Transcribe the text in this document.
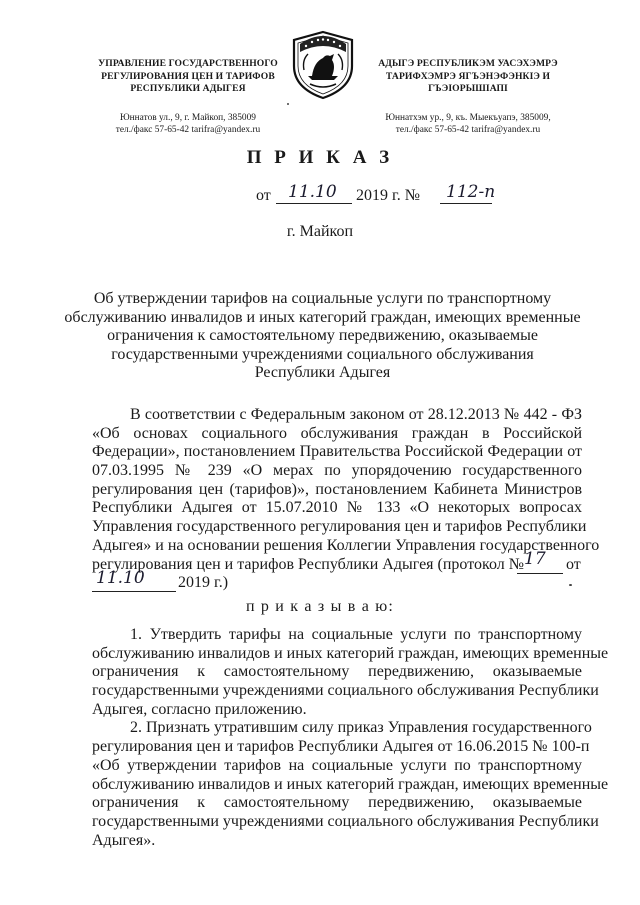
УПРАВЛЕНИЕ ГОСУДАРСТВЕННОГО
РЕГУЛИРОВАНИЯ ЦЕН И ТАРИФОВ
РЕСПУБЛИКИ АДЫГЕЯ
Юннатов ул., 9, г. Майкоп, 385009
тел./факс 57-65-42 tarifra@yandex.ru
АДЫГЭ РЕСПУБЛИКЭМ УАСЭХЭМРЭ
ТАРИФХЭМРЭ ЯГЪЭНЭФЭНКIЭ И
ГЪЭIОРЫШIАПI
Юннатхэм ур., 9, къ. Мыекъуапэ, 385009,
тел./факс 57-65-42 tarifra@yandex.ru
П Р И К А З
от 11.10 2019 г. № 112-п
г. Майкоп
Об утверждении тарифов на социальные услуги по транспортному
обслуживанию инвалидов и иных категорий граждан, имеющих временные
ограничения к самостоятельному передвижению, оказываемые
государственными учреждениями социального обслуживания
Республики Адыгея
В соответствии с Федеральным законом от 28.12.2013 № 442 - ФЗ
«Об основах социального обслуживания граждан в Российской
Федерации», постановлением Правительства Российской Федерации от
07.03.1995 № 239 «О мерах по упорядочению государственного
регулирования цен (тарифов)», постановлением Кабинета Министров
Республики Адыгея от 15.07.2010 № 133 «О некоторых вопросах
Управления государственного регулирования цен и тарифов Республики
Адыгея» и на основании решения Коллегии Управления государственного
регулирования цен и тарифов Республики Адыгея (протокол № 17 от
11.10 2019 г.)
п р и к а з ы в а ю:
1. Утвердить тарифы на социальные услуги по транспортному
обслуживанию инвалидов и иных категорий граждан, имеющих временные
ограничения к самостоятельному передвижению, оказываемые
государственными учреждениями социального обслуживания Республики
Адыгея, согласно приложению.
2. Признать утратившим силу приказ Управления государственного
регулирования цен и тарифов Республики Адыгея от 16.06.2015 № 100-п
«Об утверждении тарифов на социальные услуги по транспортному
обслуживанию инвалидов и иных категорий граждан, имеющих временные
ограничения к самостоятельному передвижению, оказываемые
государственными учреждениями социального обслуживания Республики
Адыгея».
